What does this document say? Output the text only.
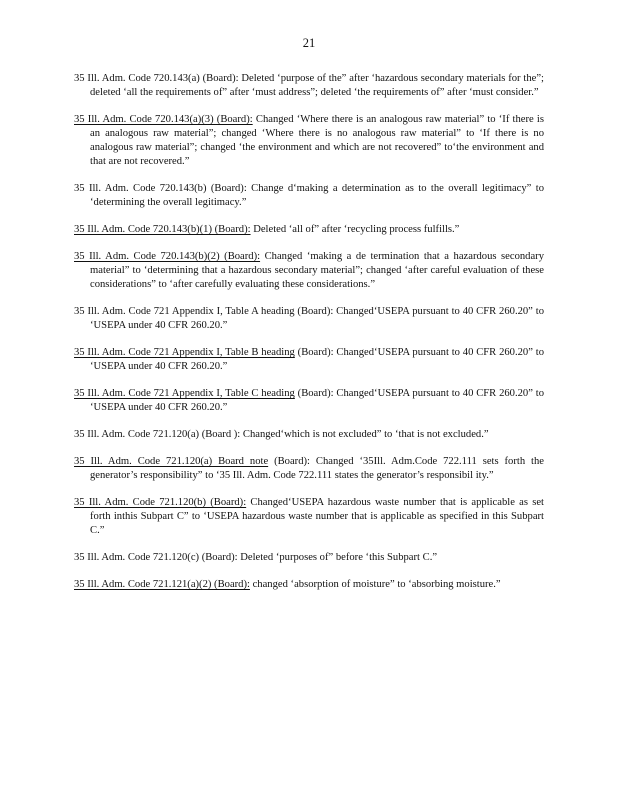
21

35 Ill. Adm. Code 720.143(a) (Board): Deleted ‘purpose of the” after ‘hazardous secondary materials for the”; deleted ‘all the requirements of” after ‘must address”; deleted ‘the requirements of” after ‘must consider.”

35 Ill. Adm. Code 720.143(a)(3) (Board): Changed ‘Where there is an analogous raw material” to ‘If there is an analogous raw material”; changed ‘Where there is no analogous raw material” to ‘If there is no analogous raw material”; changed ‘the environment and which are not recovered” to‘the environment and that are not recovered.”

35 Ill. Adm. Code 720.143(b) (Board): Change d‘making a determination as to the overall legitimacy” to ‘determining the overall legitimacy.”

35 Ill. Adm. Code 720.143(b)(1) (Board): Deleted ‘all of” after ‘recycling process fulfills.”

35 Ill. Adm. Code 720.143(b)(2) (Board): Changed ‘making a de termination that a hazardous secondary material” to ‘determining that a hazardous secondary material”; changed ‘after careful evaluation of these considerations” to ‘after carefully evaluating these considerations.”

35 Ill. Adm. Code 721 Appendix I, Table A heading (Board): Changed‘USEPA pursuant to 40 CFR 260.20” to ‘USEPA under 40 CFR 260.20.”

35 Ill. Adm. Code 721 Appendix I, Table B heading (Board): Changed‘USEPA pursuant to 40 CFR 260.20” to ‘USEPA under 40 CFR 260.20.”

35 Ill. Adm. Code 721 Appendix I, Table C heading (Board): Changed‘USEPA pursuant to 40 CFR 260.20” to ‘USEPA under 40 CFR 260.20.”

35 Ill. Adm. Code 721.120(a) (Board ): Changed‘which is not excluded” to ‘that is not excluded.”

35 Ill. Adm. Code 721.120(a) Board note (Board): Changed ‘35Ill. Adm.Code 722.111 sets forth the generator’s responsibility” to ‘35 Ill. Adm. Code 722.111 states the generator’s responsibil ity.”

35 Ill. Adm. Code 721.120(b) (Board): Changed‘USEPA hazardous waste number that is applicable as set forth inthis Subpart C” to ‘USEPA hazardous waste number that is applicable as specified in this Subpart C.”

35 Ill. Adm. Code 721.120(c) (Board): Deleted ‘purposes of” before ‘this Subpart C.”

35 Ill. Adm. Code 721.121(a)(2) (Board): changed ‘absorption of moisture” to ‘absorbing moisture.”
